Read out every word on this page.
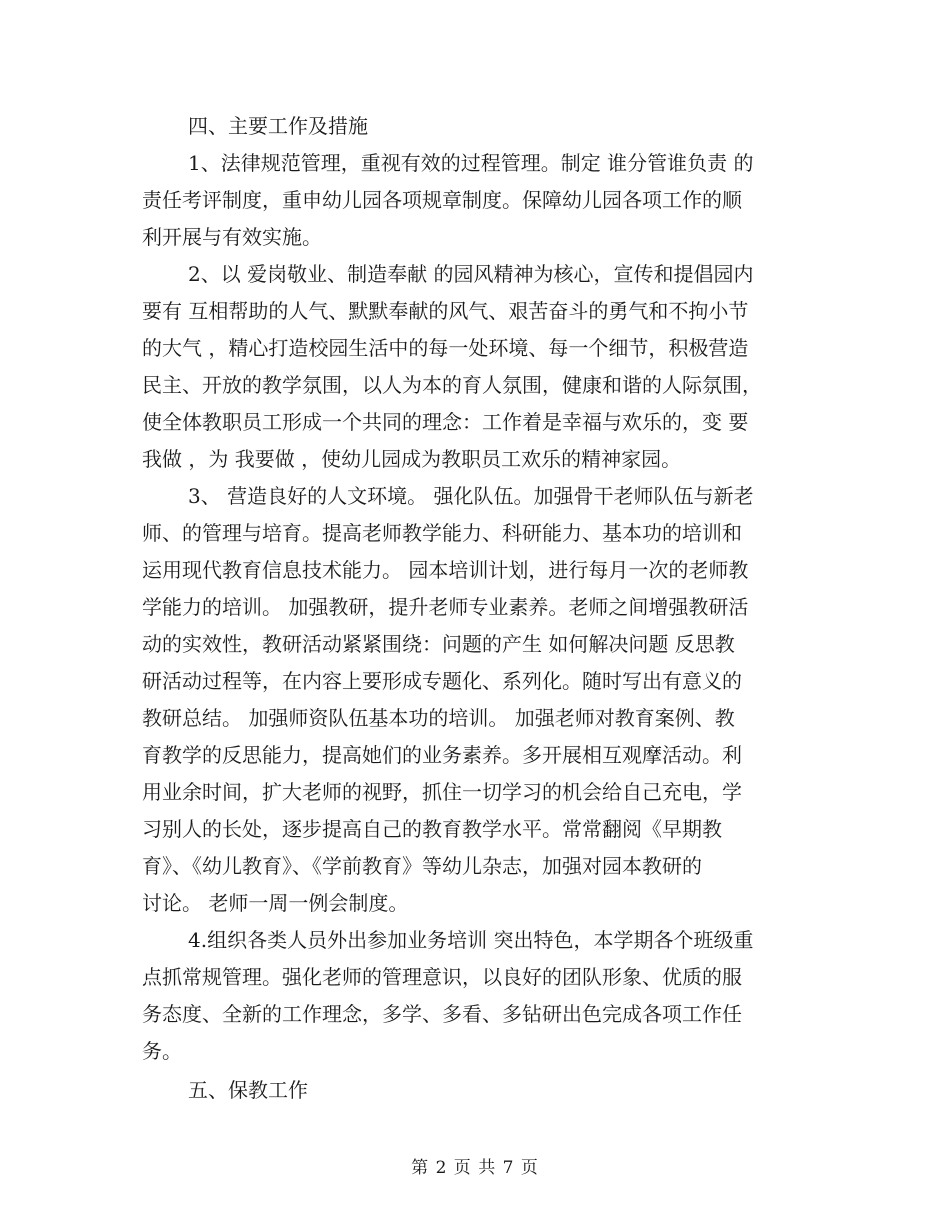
四、主要工作及措施
1、法律规范管理，重视有效的过程管理。制定 谁分管谁负责 的
责任考评制度，重申幼儿园各项规章制度。保障幼儿园各项工作的顺
利开展与有效实施。
2、以 爱岗敬业、制造奉献 的园风精神为核心，宣传和提倡园内
要有 互相帮助的人气、默默奉献的风气、艰苦奋斗的勇气和不拘小节
的大气 ，精心打造校园生活中的每一处环境、每一个细节，积极营造
民主、开放的教学氛围，以人为本的育人氛围，健康和谐的人际氛围，
使全体教职员工形成一个共同的理念：工作着是幸福与欢乐的，变 要
我做 ，为 我要做 ，使幼儿园成为教职员工欢乐的精神家园。
3、 营造良好的人文环境。 强化队伍。加强骨干老师队伍与新老
师、的管理与培育。提高老师教学能力、科研能力、基本功的培训和
运用现代教育信息技术能力。 园本培训计划，进行每月一次的老师教
学能力的培训。 加强教研，提升老师专业素养。老师之间增强教研活
动的实效性，教研活动紧紧围绕：问题的产生 如何解决问题 反思教
研活动过程等，在内容上要形成专题化、系列化。随时写出有意义的
教研总结。 加强师资队伍基本功的培训。 加强老师对教育案例、教
育教学的反思能力，提高她们的业务素养。多开展相互观摩活动。利
用业余时间，扩大老师的视野，抓住一切学习的机会给自己充电，学
习别人的长处，逐步提高自己的教育教学水平。常常翻阅《早期教
育》、《幼儿教育》、《学前教育》等幼儿杂志，加强对园本教研的
讨论。 老师一周一例会制度。
4.组织各类人员外出参加业务培训 突出特色，本学期各个班级重
点抓常规管理。强化老师的管理意识，以良好的团队形象、优质的服
务态度、全新的工作理念，多学、多看、多钻研出色完成各项工作任
务。
五、保教工作
第 2 页 共 7 页
